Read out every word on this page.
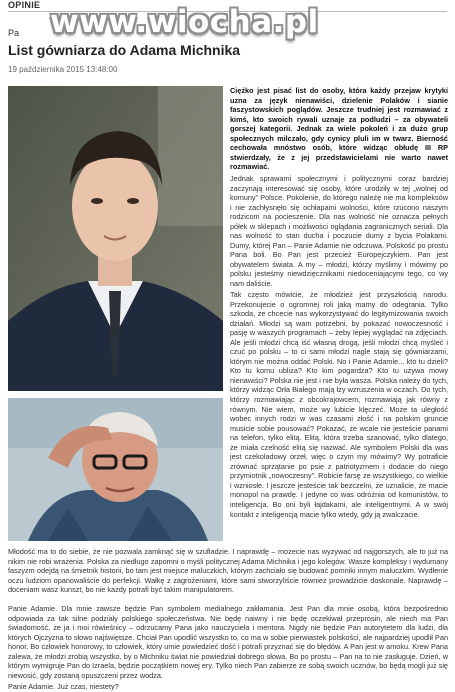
OPINIE www.wiocha.pl
Pa
List gówniarza do Adama Michnika
19 października 2015 13:48:00
Ciężko jest pisać list do osoby, która każdy przejaw krytyki uzna za język nienawiści, dzielenie Polaków i sianie faszystowskich poglądów. Jeszcze trudniej jest rozmawiać z kimś, kto swoich rywali uznaje za podludzi – za obywateli gorszej kategorii. Jednak za wiele pokoleń i za dużo grup społecznych milczało, gdy cynicy pluli im w twarz. Bierność cechowała mnóstwo osób, które widząc obłudę III RP stwierdzały, że z jej przedstawicielami nie warto nawet rozmawiać.
Jednak sprawami społecznymi i politycznymi coraz bardziej zaczynają interesować się osoby, które urodziły w tej „wolnej od komuny” Polsce. Pokolenie, do którego należę nie ma kompleksów i nie zachłysnęło się ochłapami wolności, które rzucono naszym rodzicom na pocieszenie. Dla nas wolność nie oznacza pełnych półek w sklepach i możliwości oglądania zagranicznych seriali. Dla nas wolność to stan ducha i poczucie dumy z bycia Polakami. Dumy, której Pan – Panie Adamie nie odczuwa. Polskość po prostu Pana boli. Bo Pan jest przecież Europejczykiem. Pan jest obywatelem świata. A my – młodzi, którzy myślimy i mówimy po polsku jesteśmy niewdzięcznikami niedoceniającymi tego, co wy nam daliście.
Tak często mówicie, że młodzież jest przyszłością narodu. Przekonujecie o ogromnej roli jaką mamy do odegrania. Tylko szkoda, że chcecie nas wykorzystywać do legitymizowania swoich działań. Młodzi są wam potrzebni, by pokazać nowoczesność i pasję w waszych programach – żeby lepiej wyglądać na zdjęciach. Ale jeśli młodzi chcą iść własną drogą, jeśli młodzi chcą myśleć i czuć po polsku – to ci sami młodzi nagle stają się gówniarzami, którym nie można oddać Polski. No i Panie Adamie... kto tu dzieli? Kto tu komu ubliża? Kto kim pogardza? Kto tu używa mowy nienawiści? Polska nie jest i nie była wasza. Polska należy do tych, którzy widząc Orła Białego mają łzy wzruszenia w oczach. Do tych, którzy rozmawiając z obcokrajowcem, rozmawiają jak równy z równym. Nie wiem, może wy lubicie klęczeć. Może ta uległość wobec innych rodzi w was czasami złość i na polskim gruncie musicie sobie pousować? Pokazać, że wcale nie jesteście panami na telefon, tylko elitą. Elitą, która trzeba szanować, tylko dlatego, że miała czelność elitą się nazwać. Ale symbolem Polski dla was jest czekoladowy orzeł, więc o czym my mówimy? Wy potraficie zrównać sprzątanie po psie z patriotyzmem i dodacie do niego przymiotnik „nowoczesny”. Robicie farsę ze wszystkiego, co wielkie i wzniosłe. I jeszcze jesteście tak bezczelni, że uznalicie, że macie monopol na prawdę. I jedyne co was odróżnia od komunistów, to inteligencja. Bo oni byli łajdakami, ale inteligentnymi. A w swój kontakt z inteligencją macie tylko wtedy, gdy ją zwalczacie.

Młodość ma to do siebie, że nie pozwala zamknąć się w szufladzie. I naprawdę – możecie nas wyzywać od najgorszych, ale to już na nikim nie robi wrażenia. Polska za niedługo zapomni o myśli politycznej Adama Michnika i jego kolegów. Wasze kompleksy i wydumany faszyzm odejdą na śmietnik historii, bo tam jest miejsce maluczkich, którym zachciało się budować pomniki innym maluczkim. Wydłenie oczu ludziom opanowaliście do perfekcji. Wałkę z zagrożeniami, które sami stworzyliście również prowadzicie doskonale. Naprawdę – doceniam wasz kunszt, bo nie każdy potrafi być takim manipulatorem.

Panie Adamie. Dla mnie zawsze będzie Pan symbolem medialnego zakłamania. Jest Pan dla mnie osobą, która bezpośrednio odpowiada za tak silne podziały polskiego społeczeństwa. Nie będę naiwny i nie będę oczekiwał przeprosin, ale niech ma Pan świadomość, że ja i moi rówieśnicy – odrzucamy Pana jako nauczyciela i mentora. Nigdy nie będzie Pan autorytetem dla ludzi, dla których Ojczyzna to słowo najświętsze. Chciał Pan upodlić wszystko to, co ma w sobie pierwiastek polskości, ale najpardziej upodlił Pan honor. Bo człowiek honorowy, to człowiek, który umie powiedzieć dość i potrafi przyznać się do błędów. A Pan jest w amoku. Krew Pana zalewa, że młodzi zrobią wszystko, by o Michniku świat nie powiedział dobrego słowa. Bo po prostu – Pan na to nie zasługuje. Dzień, w którym wymigruje Pan do Izraela, będzie początkiem nowej ery. Tylko niech Pan zabierze ze sobą swoich ucznów, bo będą mogli już się niewosić, gdy zostaną opuszczeni przez wodza.

Panie Adamie. Już czas, niestety?
